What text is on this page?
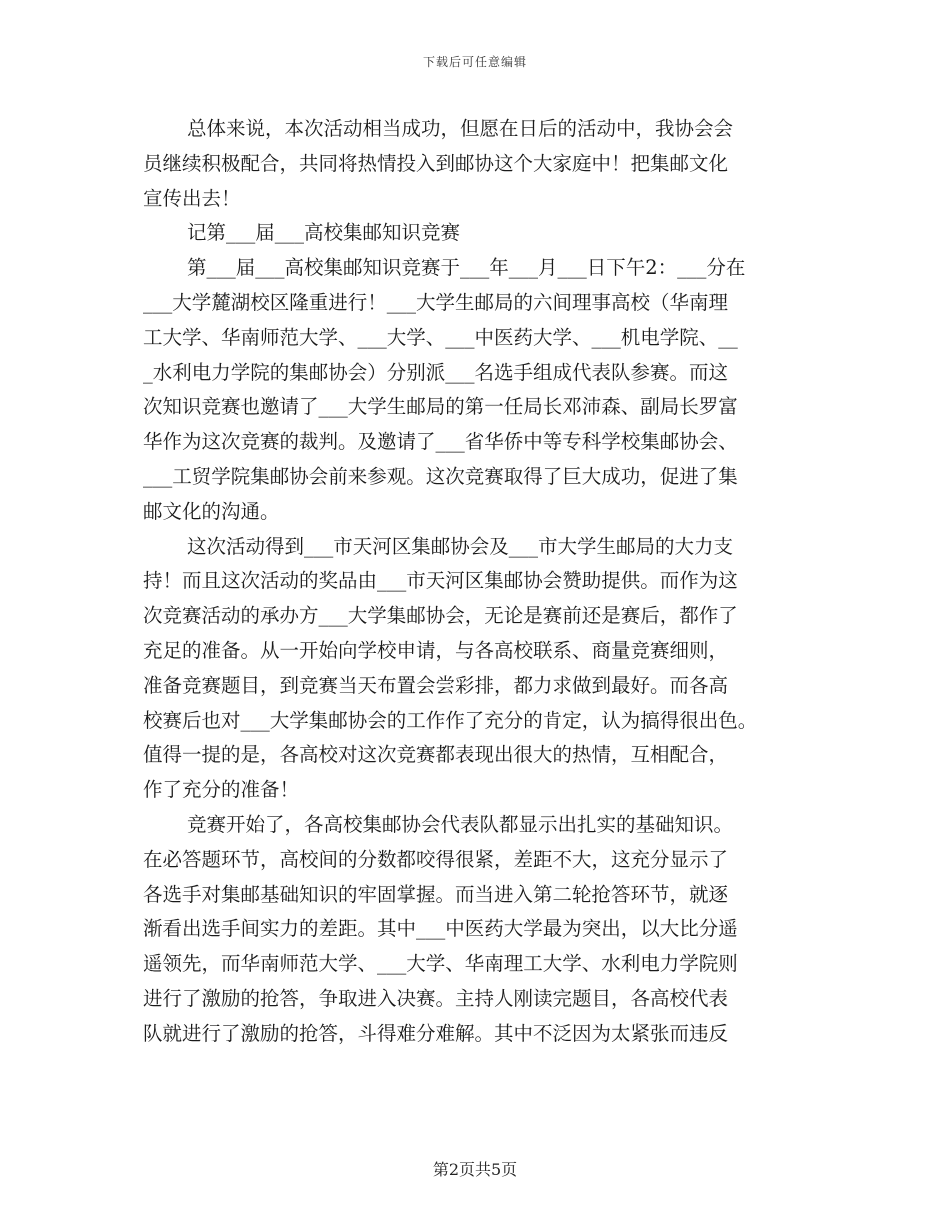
下载后可任意编辑
总体来说，本次活动相当成功，但愿在日后的活动中，我协会会
员继续积极配合，共同将热情投入到邮协这个大家庭中！把集邮文化
宣传出去！
记第___届___高校集邮知识竞赛
第___届___高校集邮知识竞赛于___年___月___日下午2：___分在
___大学麓湖校区隆重进行！___大学生邮局的六间理事高校（华南理
工大学、华南师范大学、___大学、___中医药大学、___机电学院、__
_水利电力学院的集邮协会）分别派___名选手组成代表队参赛。而这
次知识竞赛也邀请了___大学生邮局的第一任局长邓沛森、副局长罗富
华作为这次竞赛的裁判。及邀请了___省华侨中等专科学校集邮协会、
___工贸学院集邮协会前来参观。这次竞赛取得了巨大成功，促进了集
邮文化的沟通。
这次活动得到___市天河区集邮协会及___市大学生邮局的大力支
持！而且这次活动的奖品由___市天河区集邮协会赞助提供。而作为这
次竞赛活动的承办方___大学集邮协会，无论是赛前还是赛后，都作了
充足的准备。从一开始向学校申请，与各高校联系、商量竞赛细则，
准备竞赛题目，到竞赛当天布置会尝彩排，都力求做到最好。而各高
校赛后也对___大学集邮协会的工作作了充分的肯定，认为搞得很出色。
值得一提的是，各高校对这次竞赛都表现出很大的热情，互相配合，
作了充分的准备！
竞赛开始了，各高校集邮协会代表队都显示出扎实的基础知识。
在必答题环节，高校间的分数都咬得很紧，差距不大，这充分显示了
各选手对集邮基础知识的牢固掌握。而当进入第二轮抢答环节，就逐
渐看出选手间实力的差距。其中___中医药大学最为突出，以大比分遥
遥领先，而华南师范大学、___大学、华南理工大学、水利电力学院则
进行了激励的抢答，争取进入决赛。主持人刚读完题目，各高校代表
队就进行了激励的抢答，斗得难分难解。其中不泛因为太紧张而违反
第2页共5页
